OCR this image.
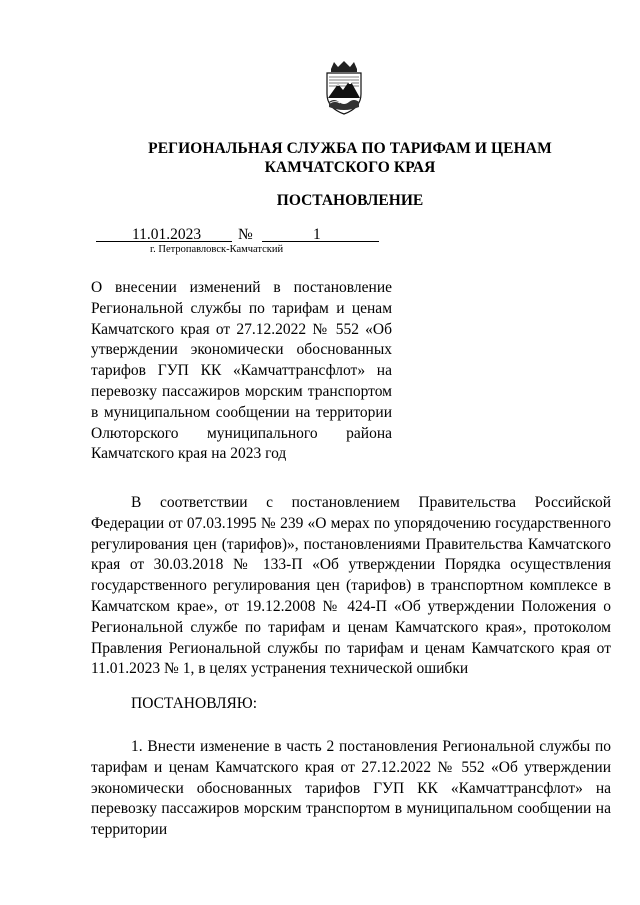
РЕГИОНАЛЬНАЯ СЛУЖБА ПО ТАРИФАМ И ЦЕНАМ
КАМЧАТСКОГО КРАЯ
ПОСТАНОВЛЕНИЕ
11.01.2023 №	1
г. Петропавловск-Камчатский
О внесении изменений в постановление Региональной службы по тарифам и ценам Камчатского края от 27.12.2022 № 552 «Об утверждении экономически обоснованных тарифов ГУП КК «Камчаттрансфлот» на перевозку пассажиров морским транспортом в муниципальном сообщении на территории Олюторского муниципального района Камчатского края на 2023 год

В соответствии с постановлением Правительства Российской Федерации от 07.03.1995 № 239 «О мерах по упорядочению государственного регулирования цен (тарифов)», постановлениями Правительства Камчатского края от 30.03.2018 № 133-П «Об утверждении Порядка осуществления государственного регулирования цен (тарифов) в транспортном комплексе в Камчатском крае», от 19.12.2008 № 424-П «Об утверждении Положения о Региональной службе по тарифам и ценам Камчатского края», протоколом Правления Региональной службы по тарифам и ценам Камчатского края от 11.01.2023 № 1, в целях устранения технической ошибки

ПОСТАНОВЛЯЮ:

1. Внести изменение в часть 2 постановления Региональной службы по тарифам и ценам Камчатского края от 27.12.2022 № 552 «Об утверждении экономически обоснованных тарифов ГУП КК «Камчаттрансфлот» на перевозку пассажиров морским транспортом в муниципальном сообщении на территории
